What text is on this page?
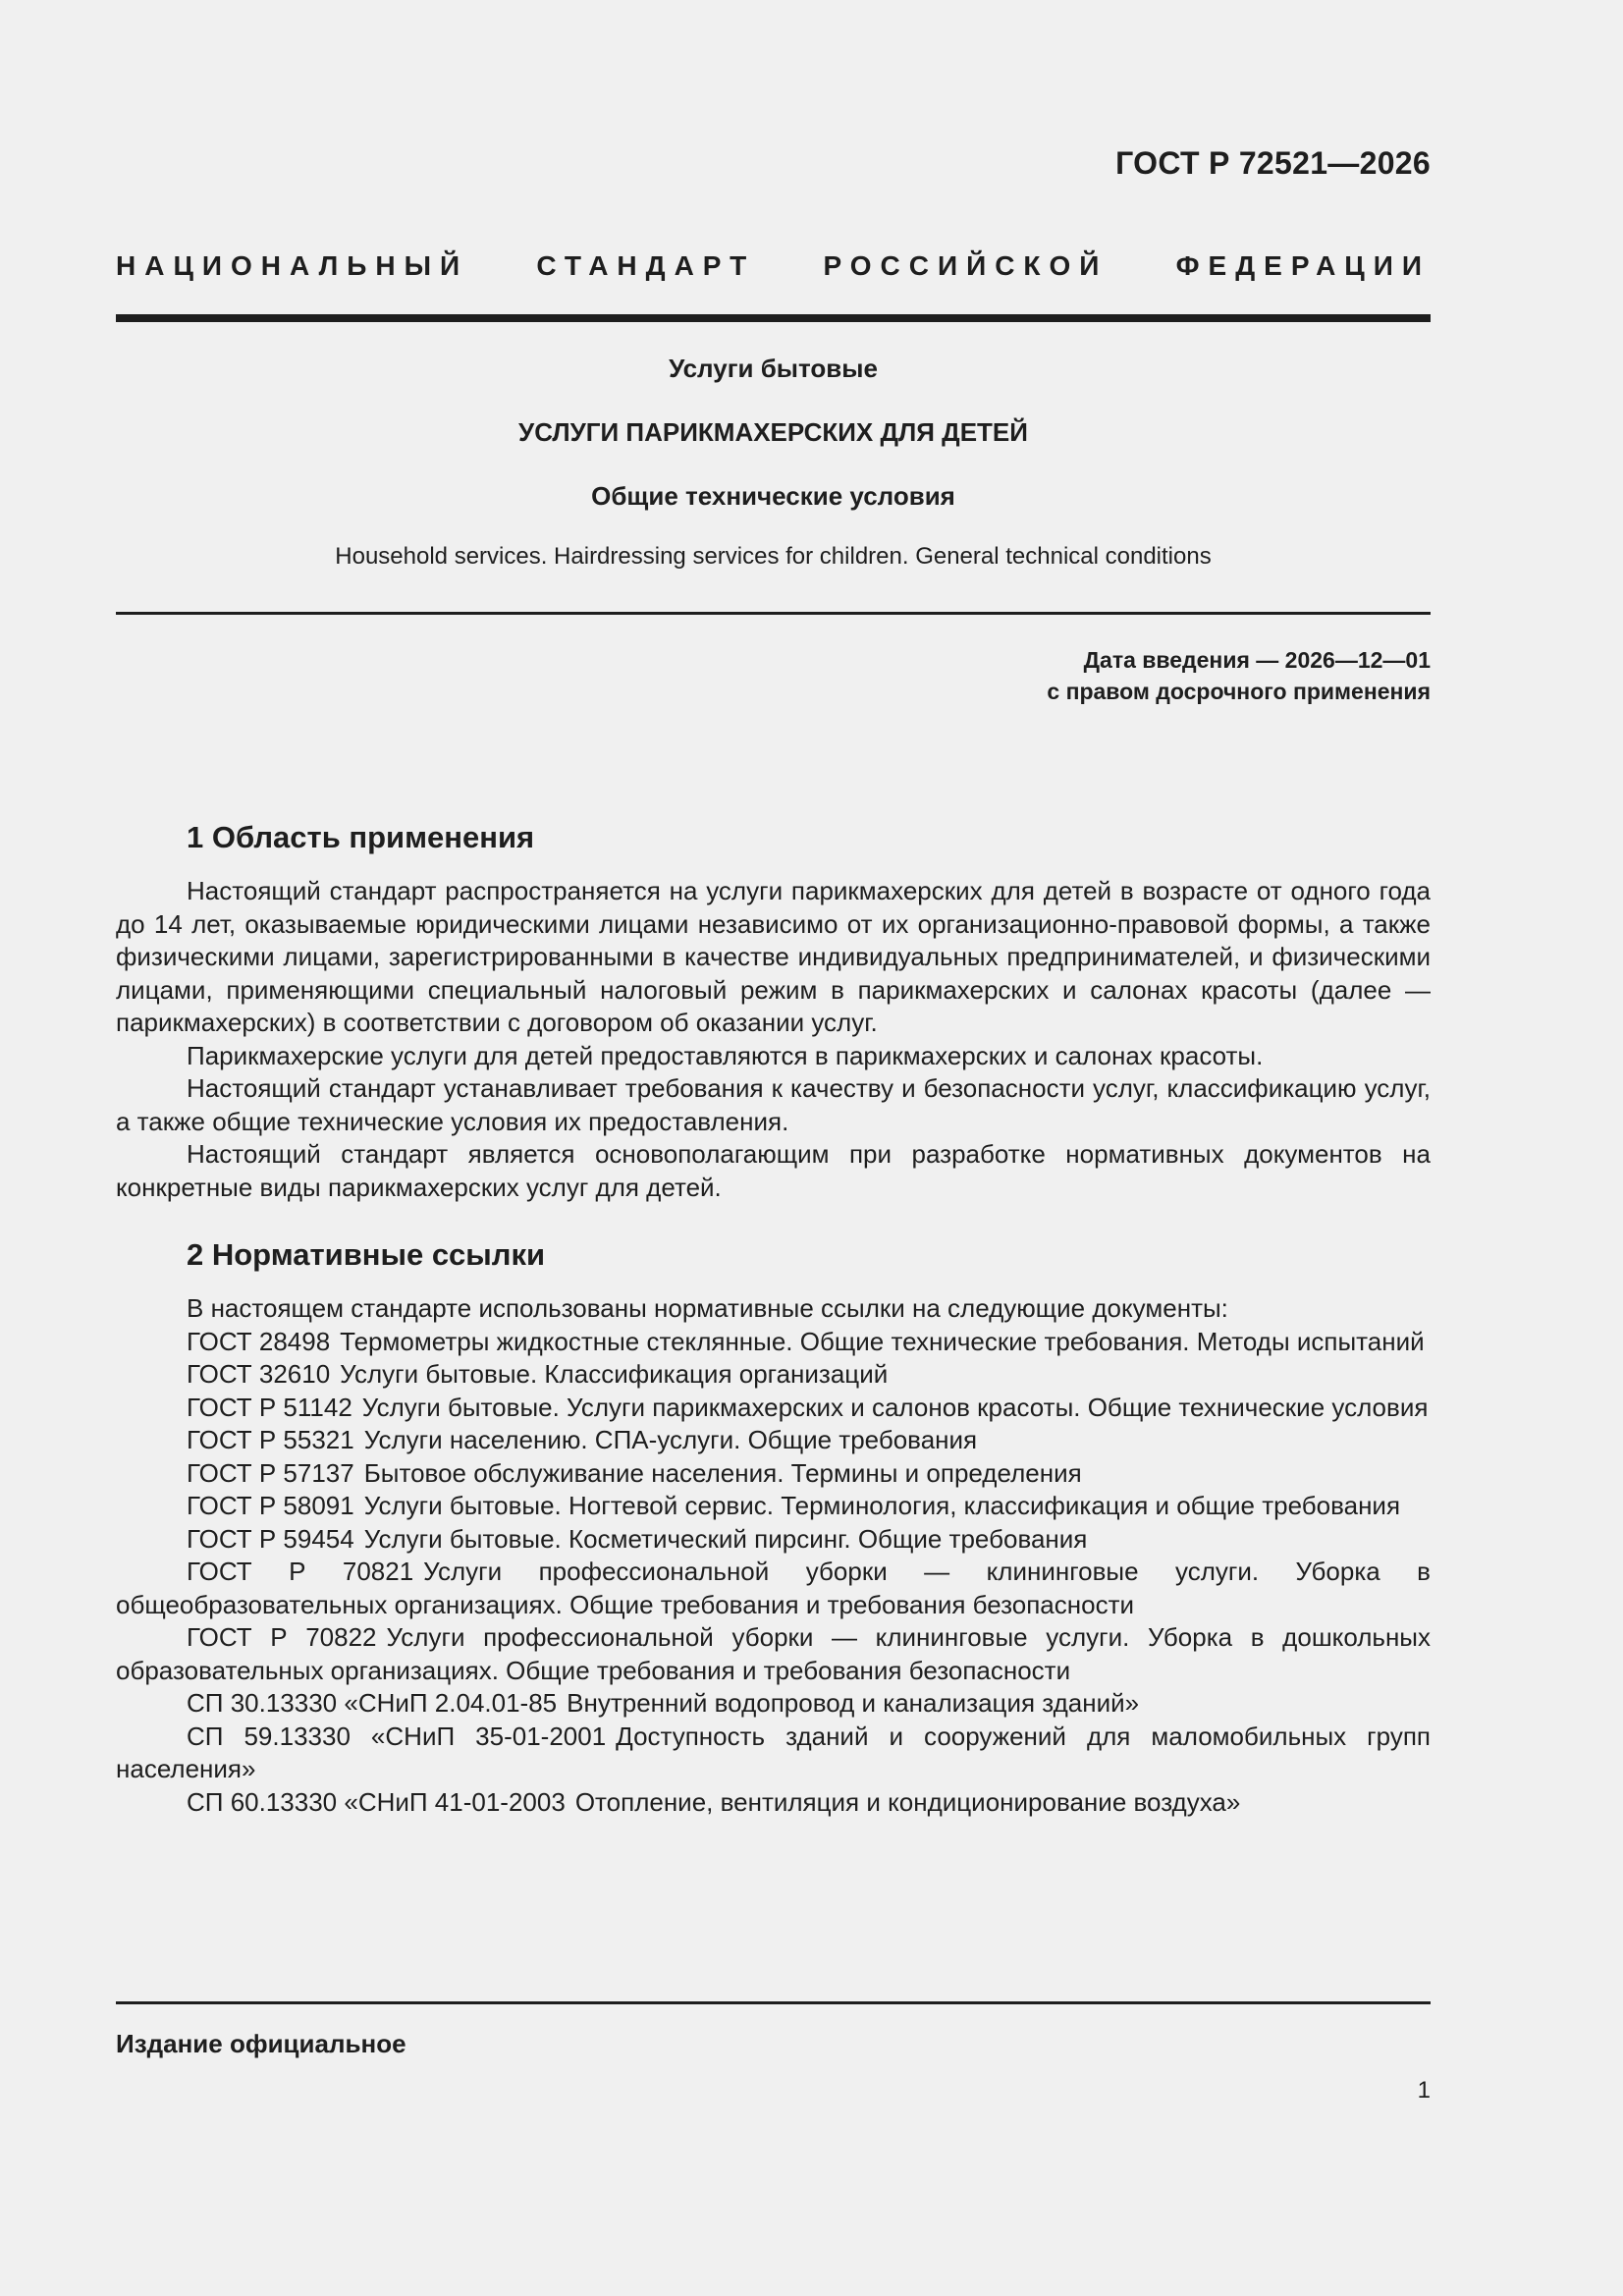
ГОСТ Р 72521—2026
НАЦИОНАЛЬНЫЙ СТАНДАРТ РОССИЙСКОЙ ФЕДЕРАЦИИ
Услуги бытовые
УСЛУГИ ПАРИКМАХЕРСКИХ ДЛЯ ДЕТЕЙ
Общие технические условия
Household services. Hairdressing services for children. General technical conditions
Дата введения — 2026—12—01
с правом досрочного применения
1 Область применения

Настоящий стандарт распространяется на услуги парикмахерских для детей в возрасте от одного года до 14 лет, оказываемые юридическими лицами независимо от их организационно-правовой формы, а также физическими лицами, зарегистрированными в качестве индивидуальных предпринимателей, и физическими лицами, применяющими специальный налоговый режим в парикмахерских и салонах красоты (далее — парикмахерских) в соответствии с договором об оказании услуг.

Парикмахерские услуги для детей предоставляются в парикмахерских и салонах красоты.

Настоящий стандарт устанавливает требования к качеству и безопасности услуг, классификацию услуг, а также общие технические условия их предоставления.

Настоящий стандарт является основополагающим при разработке нормативных документов на конкретные виды парикмахерских услуг для детей.

2 Нормативные ссылки

В настоящем стандарте использованы нормативные ссылки на следующие документы:

ГОСТ 28498 Термометры жидкостные стеклянные. Общие технические требования. Методы испытаний

ГОСТ 32610 Услуги бытовые. Классификация организаций

ГОСТ Р 51142 Услуги бытовые. Услуги парикмахерских и салонов красоты. Общие технические условия

ГОСТ Р 55321 Услуги населению. СПА-услуги. Общие требования

ГОСТ Р 57137 Бытовое обслуживание населения. Термины и определения

ГОСТ Р 58091 Услуги бытовые. Ногтевой сервис. Терминология, классификация и общие требования

ГОСТ Р 59454 Услуги бытовые. Косметический пирсинг. Общие требования

ГОСТ Р 70821 Услуги профессиональной уборки — клининговые услуги. Уборка в общеобразовательных организациях. Общие требования и требования безопасности

ГОСТ Р 70822 Услуги профессиональной уборки — клининговые услуги. Уборка в дошкольных образовательных организациях. Общие требования и требования безопасности

СП 30.13330 «СНиП 2.04.01-85 Внутренний водопровод и канализация зданий»

СП 59.13330 «СНиП 35-01-2001 Доступность зданий и сооружений для маломобильных групп населения»

СП 60.13330 «СНиП 41-01-2003 Отопление, вентиляция и кондиционирование воздуха»

Издание официальное
1
